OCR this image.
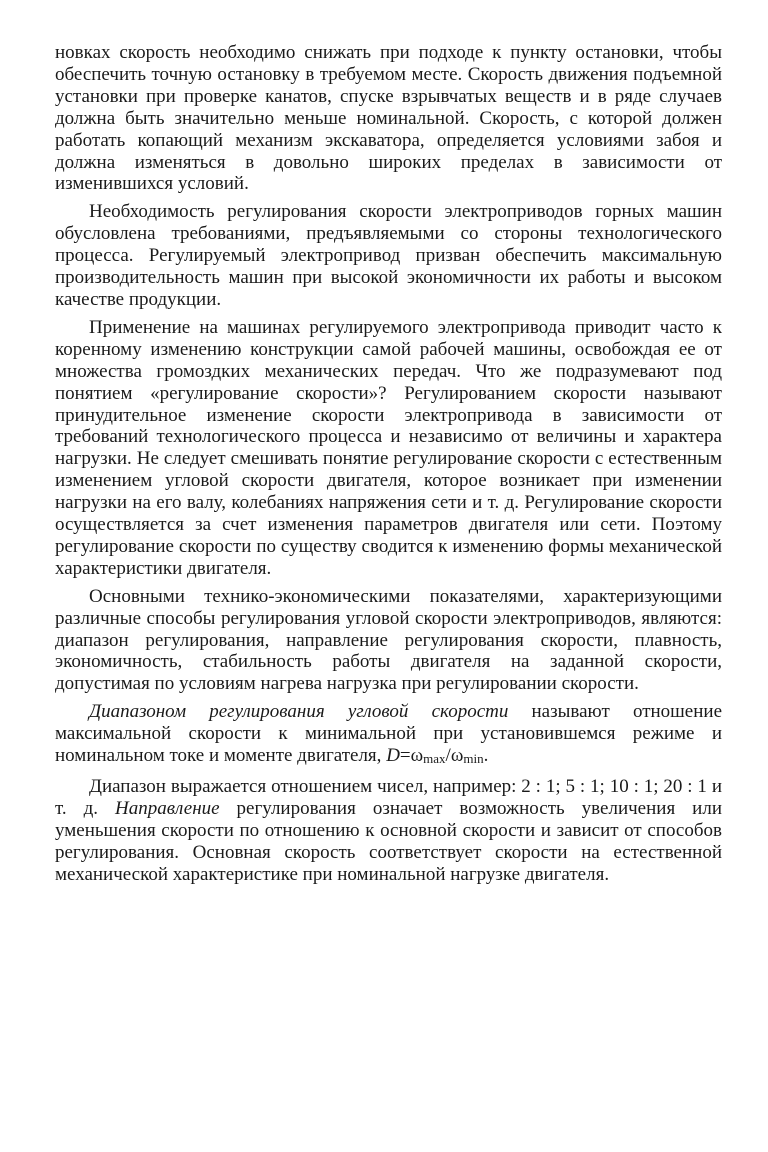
новках скорость необходимо снижать при подходе к пункту остановки, чтобы обеспечить точную остановку в требуемом месте. Скорость движения подъемной установки при проверке канатов, спуске взрывчатых веществ и в ряде случаев должна быть значительно меньше номинальной. Скорость, с которой должен работать копающий механизм экскаватора, определяется условиями забоя и должна изменяться в довольно широких пределах в зависимости от изменившихся условий.

Необходимость регулирования скорости электроприводов горных машин обусловлена требованиями, предъявляемыми со стороны технологического процесса. Регулируемый электропривод призван обеспечить максимальную производительность машин при высокой экономичности их работы и высоком качестве продукции.

Применение на машинах регулируемого электропривода приводит часто к коренному изменению конструкции самой рабочей машины, освобождая ее от множества громоздких механических передач. Что же подразумевают под понятием «регулирование скорости»? Регулированием скорости называют принудительное изменение скорости электропривода в зависимости от требований технологического процесса и независимо от величины и характера нагрузки. Не следует смешивать понятие регулирование скорости с естественным изменением угловой скорости двигателя, которое возникает при изменении нагрузки на его валу, колебаниях напряжения сети и т. д. Регулирование скорости осуществляется за счет изменения параметров двигателя или сети. Поэтому регулирование скорости по существу сводится к изменению формы механической характеристики двигателя.

Основными технико-экономическими показателями, характеризующими различные способы регулирования угловой скорости электроприводов, являются: диапазон регулирования, направление регулирования скорости, плавность, экономичность, стабильность работы двигателя на заданной скорости, допустимая по условиям нагрева нагрузка при регулировании скорости.

Диапазоном регулирования угловой скорости называют отношение максимальной скорости к минимальной при установившемся режиме и номинальном токе и моменте двигателя, D=ωmax/ωmin.

Диапазон выражается отношением чисел, например: 2 : 1; 5 : 1; 10 : 1; 20 : 1 и т. д. Направление регулирования означает возможность увеличения или уменьшения скорости по отношению к основной скорости и зависит от способов регулирования. Основная скорость соответствует скорости на естественной механической характеристике при номинальной нагрузке двигателя.
